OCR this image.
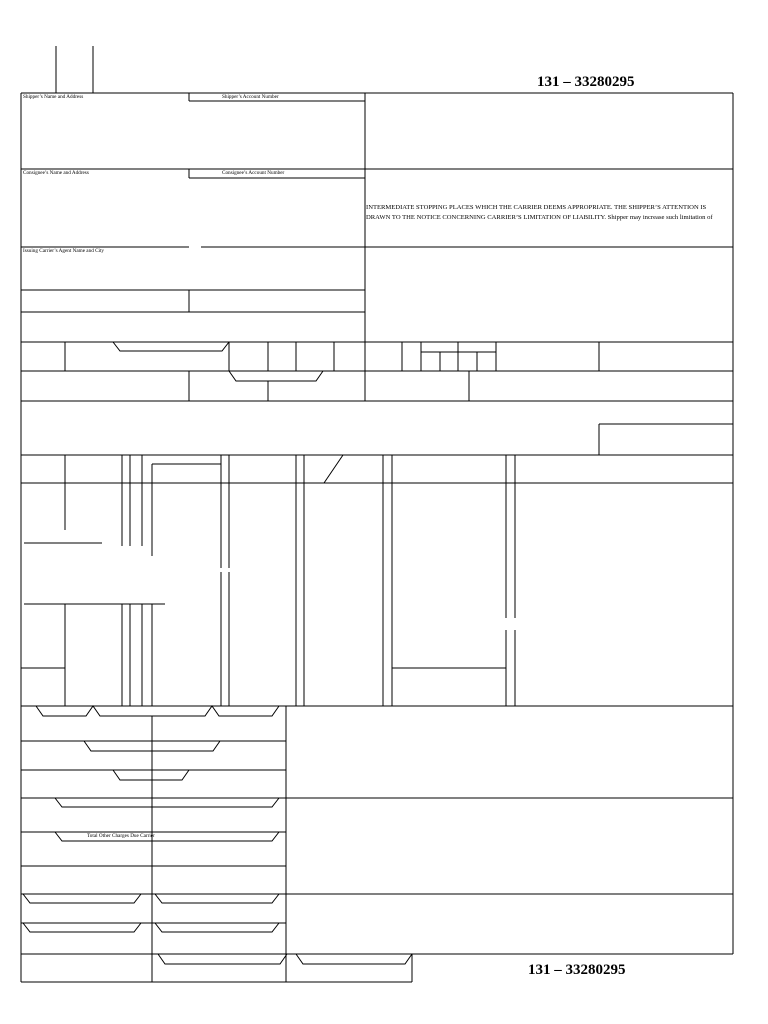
131 – 33280295
131 – 33280295
Shipper’s Name and Address	Shipper’s Account Number
Consignee’s Name and Address	Consignee’s Account Number
Issuing Carrier’s Agent Name and City
Total Other Charges Due Carrier
INTERMEDIATE STOPPING PLACES WHICH THE CARRIER DEEMS APPROPRIATE. THE SHIPPER’S ATTENTION IS
DRAWN TO THE NOTICE CONCERNING CARRIER’S LIMITATION OF LIABILITY. Shipper may increase such limitation of
